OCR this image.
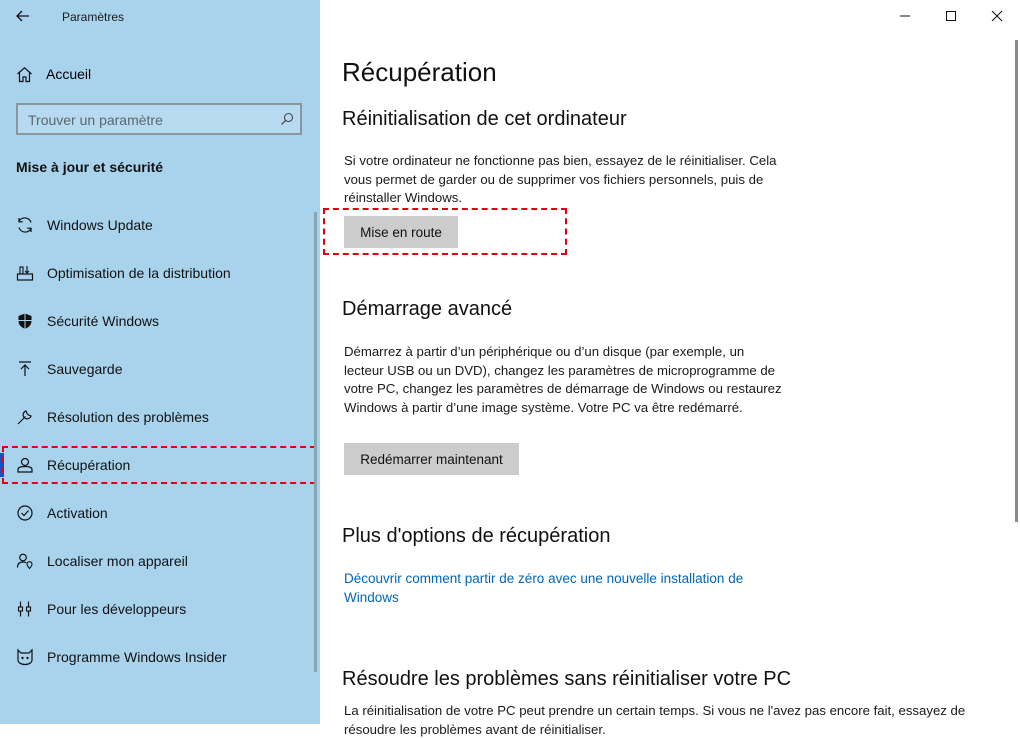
Paramètres
Accueil
Trouver un paramètre
Mise à jour et sécurité
Windows Update
Optimisation de la distribution
Sécurité Windows
Sauvegarde
Résolution des problèmes
Récupération
Activation
Localiser mon appareil
Pour les développeurs
Programme Windows Insider
Récupération
Réinitialisation de cet ordinateur
Si votre ordinateur ne fonctionne pas bien, essayez de le réinitialiser. Cela vous permet de garder ou de supprimer vos fichiers personnels, puis de réinstaller Windows.
Mise en route
Démarrage avancé
Démarrez à partir d’un périphérique ou d’un disque (par exemple, un lecteur USB ou un DVD), changez les paramètres de microprogramme de votre PC, changez les paramètres de démarrage de Windows ou restaurez Windows à partir d’une image système. Votre PC va être redémarré.
Redémarrer maintenant
Plus d'options de récupération
Découvrir comment partir de zéro avec une nouvelle installation de Windows
Résoudre les problèmes sans réinitialiser votre PC
La réinitialisation de votre PC peut prendre un certain temps. Si vous ne l'avez pas encore fait, essayez de résoudre les problèmes avant de réinitialiser.
